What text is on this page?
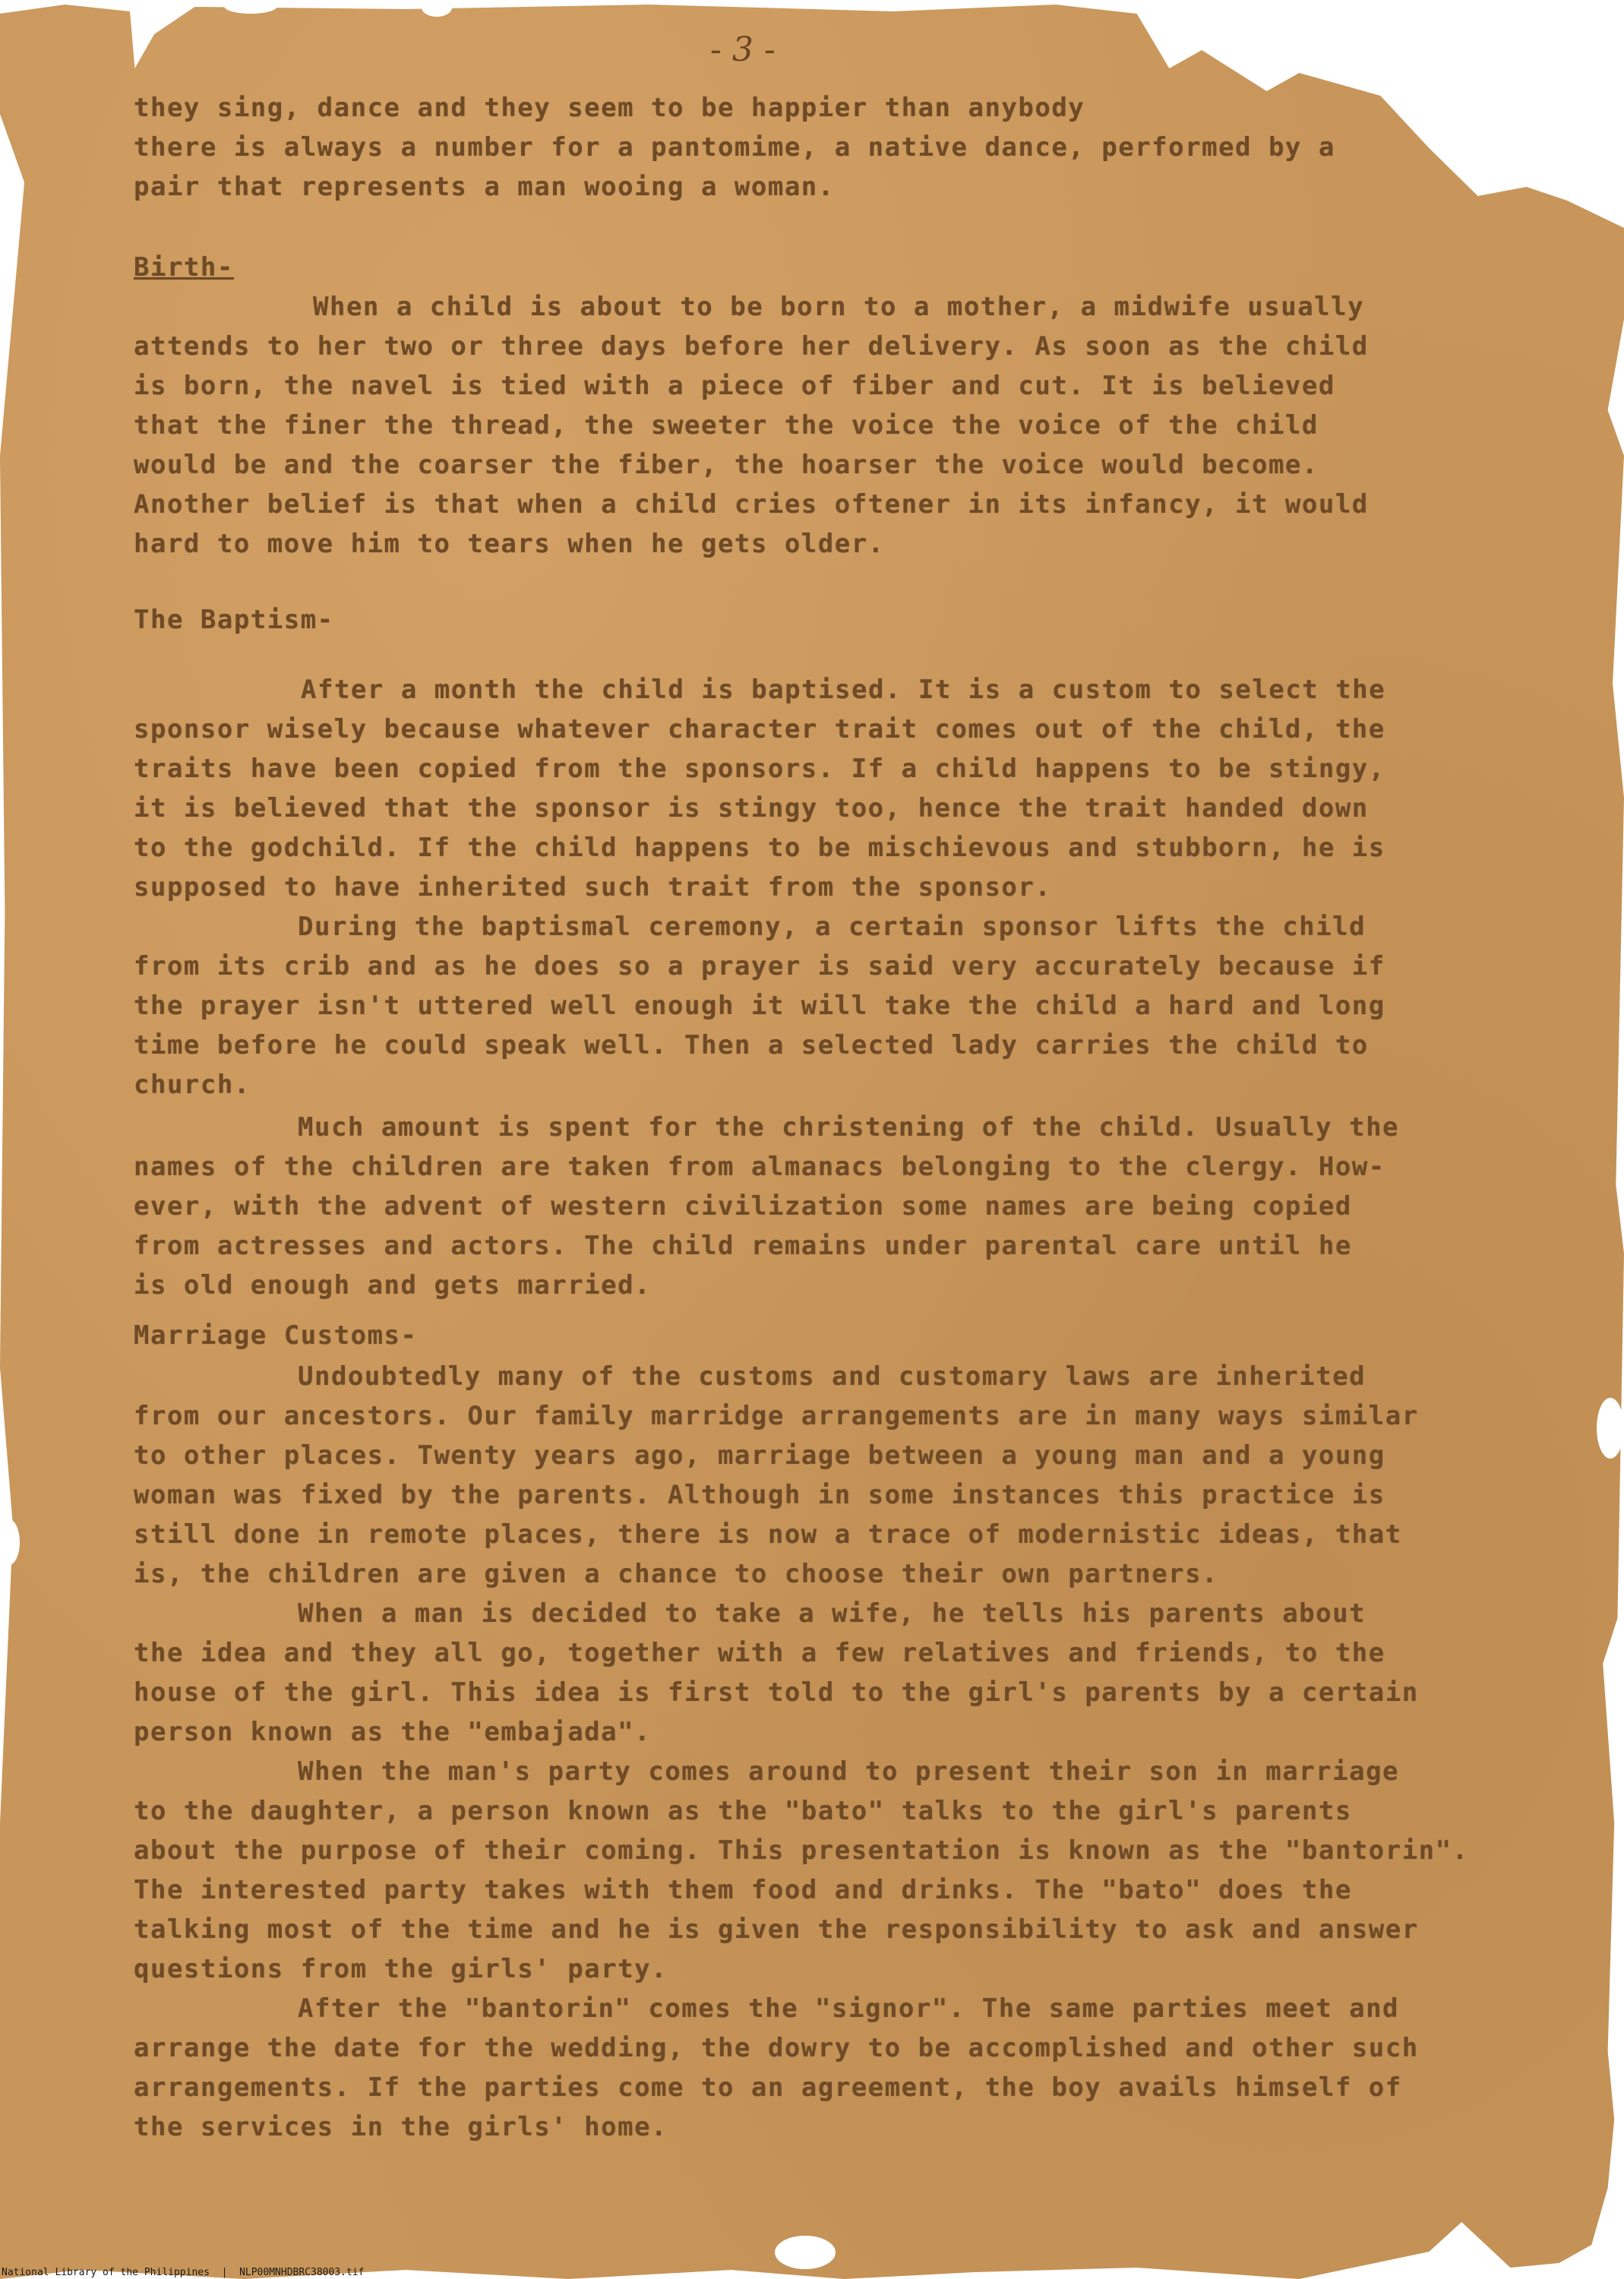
- 3 -
they sing, dance and they seem to be happier than anybody
there is always a number for a pantomime, a native dance, performed by a
pair that represents a man wooing a woman.
Birth-
When a child is about to be born to a mother, a midwife usually
attends to her two or three days before her delivery. As soon as the child
is born, the navel is tied with a piece of fiber and cut. It is believed
that the finer the thread, the sweeter the voice the voice of the child
would be and the coarser the fiber, the hoarser the voice would become.
Another belief is that when a child cries oftener in its infancy, it would
hard to move him to tears when he gets older.
The Baptism-
After a month the child is baptised. It is a custom to select the
sponsor wisely because whatever character trait comes out of the child, the
traits have been copied from the sponsors. If a child happens to be stingy,
it is believed that the sponsor is stingy too, hence the trait handed down
to the godchild. If the child happens to be mischievous and stubborn, he is
supposed to have inherited such trait from the sponsor.
During the baptismal ceremony, a certain sponsor lifts the child
from its crib and as he does so a prayer is said very accurately because if
the prayer isn't uttered well enough it will take the child a hard and long
time before he could speak well. Then a selected lady carries the child to
church.
Much amount is spent for the christening of the child. Usually the
names of the children are taken from almanacs belonging to the clergy. How-
ever, with the advent of western civilization some names are being copied
from actresses and actors. The child remains under parental care until he
is old enough and gets married.
Marriage Customs-
Undoubtedly many of the customs and customary laws are inherited
from our ancestors. Our family marridge arrangements are in many ways similar
to other places. Twenty years ago, marriage between a young man and a young
woman was fixed by the parents. Although in some instances this practice is
still done in remote places, there is now a trace of modernistic ideas, that
is, the children are given a chance to choose their own partners.
When a man is decided to take a wife, he tells his parents about
the idea and they all go, together with a few relatives and friends, to the
house of the girl. This idea is first told to the girl's parents by a certain
person known as the "embajada".
When the man's party comes around to present their son in marriage
to the daughter, a person known as the "bato" talks to the girl's parents
about the purpose of their coming. This presentation is known as the "bantorin".
The interested party takes with them food and drinks. The "bato" does the
talking most of the time and he is given the responsibility to ask and answer
questions from the girls' party.
After the "bantorin" comes the "signor". The same parties meet and
arrange the date for the wedding, the dowry to be accomplished and other such
arrangements. If the parties come to an agreement, the boy avails himself of
the services in the girls' home.
National Library of the Philippines | NLP00MNHDBRC38003.tif
